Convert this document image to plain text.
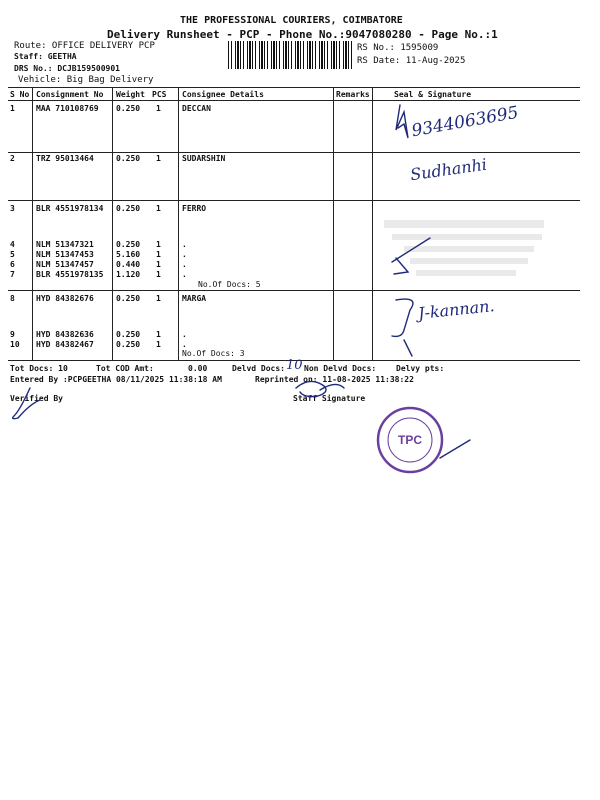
THE PROFESSIONAL COURIERS, COIMBATORE
Delivery Runsheet - PCP - Phone No.:9047080280 - Page No.:1
Route: OFFICE DELIVERY PCP
Staff: GEETHA
DRS No.: DCJB159500901
Vehicle: Big Bag Delivery
RS No.: 1595009
RS Date: 11-Aug-2025
S No Consignment No Weight PCS Consignee Details	Remarks	Seal & Signature
1	MAA 710108769 0.250 1	DECCAN
2	TRZ 95013464	0.250 1	SUDARSHIN
3	BLR 4551978134 0.250 1	FERRO
4	NLM 51347321	0.250 1	.
5	NLM 51347453	5.160 1	.
6	NLM 51347457	0.440 1	.
7	BLR 4551978135 1.120 1	.
No.Of Docs: 5
8	HYD 84382676	0.250 1	MARGA
9	HYD 84382636	0.250 1	.
10 HYD 84382467	0.250 1	.
No.Of Docs: 3
Tot Docs: 10	Tot COD Amt:	0.00	Delvd Docs: 10 Non Delvd Docs: Delvy pts:
Entered By :PCPGEETHA 08/11/2025 11:38:18 AM	Reprinted on: 11-08-2025 11:38:22
Verified By	Staff Signature
9344063695
Sudhanhi
J-kannan.
TPC
